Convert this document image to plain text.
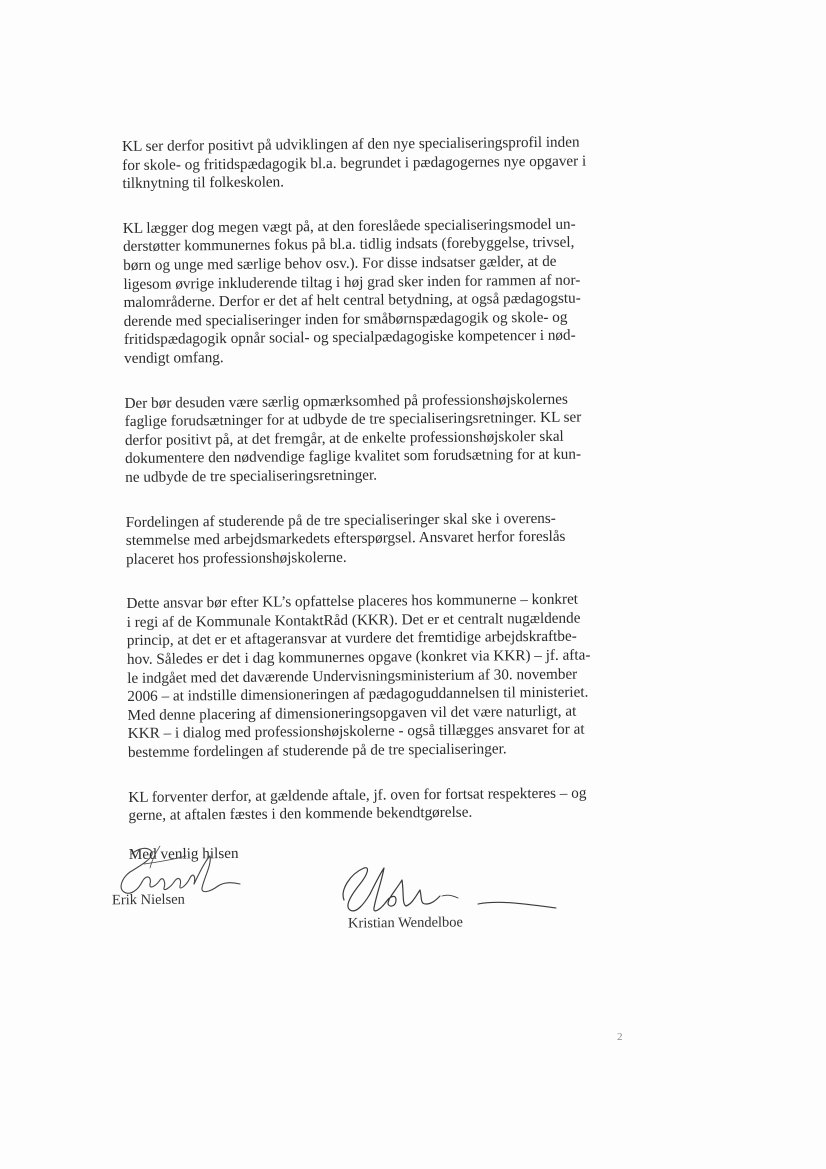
KL ser derfor positivt på udviklingen af den nye specialiseringsprofil inden
for skole- og fritidspædagogik bl.a. begrundet i pædagogernes nye opgaver i
tilknytning til folkeskolen.

KL lægger dog megen vægt på, at den foreslåede specialiseringsmodel un-
derstøtter kommunernes fokus på bl.a. tidlig indsats (forebyggelse, trivsel,
børn og unge med særlige behov osv.). For disse indsatser gælder, at de
ligesom øvrige inkluderende tiltag i høj grad sker inden for rammen af nor-
malområderne. Derfor er det af helt central betydning, at også pædagogstu-
derende med specialiseringer inden for småbørnspædagogik og skole- og
fritidspædagogik opnår social- og specialpædagogiske kompetencer i nød-
vendigt omfang.

Der bør desuden være særlig opmærksomhed på professionshøjskolernes
faglige forudsætninger for at udbyde de tre specialiseringsretninger. KL ser
derfor positivt på, at det fremgår, at de enkelte professionshøjskoler skal
dokumentere den nødvendige faglige kvalitet som forudsætning for at kun-
ne udbyde de tre specialiseringsretninger.

Fordelingen af studerende på de tre specialiseringer skal ske i overens-
stemmelse med arbejdsmarkedets efterspørgsel. Ansvaret herfor foreslås
placeret hos professionshøjskolerne.

Dette ansvar bør efter KL’s opfattelse placeres hos kommunerne – konkret
i regi af de Kommunale KontaktRåd (KKR). Det er et centralt nugældende
princip, at det er et aftageransvar at vurdere det fremtidige arbejdskraftbe-
hov. Således er det i dag kommunernes opgave (konkret via KKR) – jf. afta-
le indgået med det daværende Undervisningsministerium af 30. november
2006 – at indstille dimensioneringen af pædagoguddannelsen til ministeriet.
Med denne placering af dimensioneringsopgaven vil det være naturligt, at
KKR – i dialog med professionshøjskolerne - også tillægges ansvaret for at
bestemme fordelingen af studerende på de tre specialiseringer.

KL forventer derfor, at gældende aftale, jf. oven for fortsat respekteres – og
gerne, at aftalen fæstes i den kommende bekendtgørelse.

Med venlig hilsen

Erik Nielsen
Kristian Wendelboe
2
